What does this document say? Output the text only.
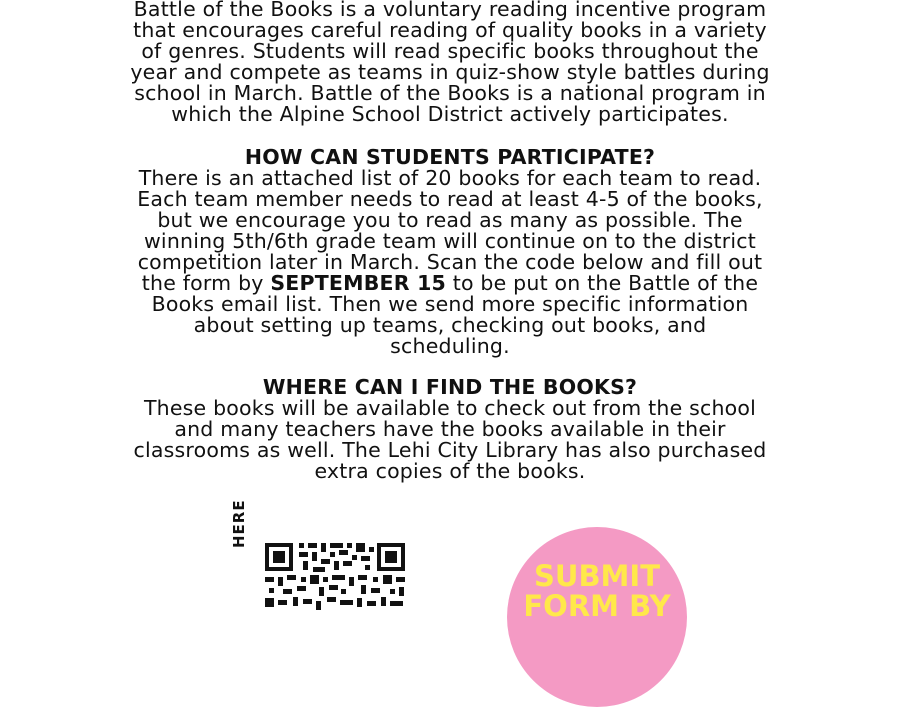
Battle of the Books is a voluntary reading incentive program
that encourages careful reading of quality books in a variety
of genres. Students will read specific books throughout the
year and compete as teams in quiz-show style battles during
school in March. Battle of the Books is a national program in
which the Alpine School District actively participates.
HOW CAN STUDENTS PARTICIPATE?
There is an attached list of 20 books for each team to read.
Each team member needs to read at least 4-5 of the books,
but we encourage you to read as many as possible. The
winning 5th/6th grade team will continue on to the district
competition later in March. Scan the code below and fill out
the form by SEPTEMBER 15 to be put on the Battle of the
Books email list. Then we send more specific information
about setting up teams, checking out books, and
scheduling.
WHERE CAN I FIND THE BOOKS?
These books will be available to check out from the school
and many teachers have the books available in their
classrooms as well. The Lehi City Library has also purchased
extra copies of the books.
HERE
SUBMIT
FORM BY
